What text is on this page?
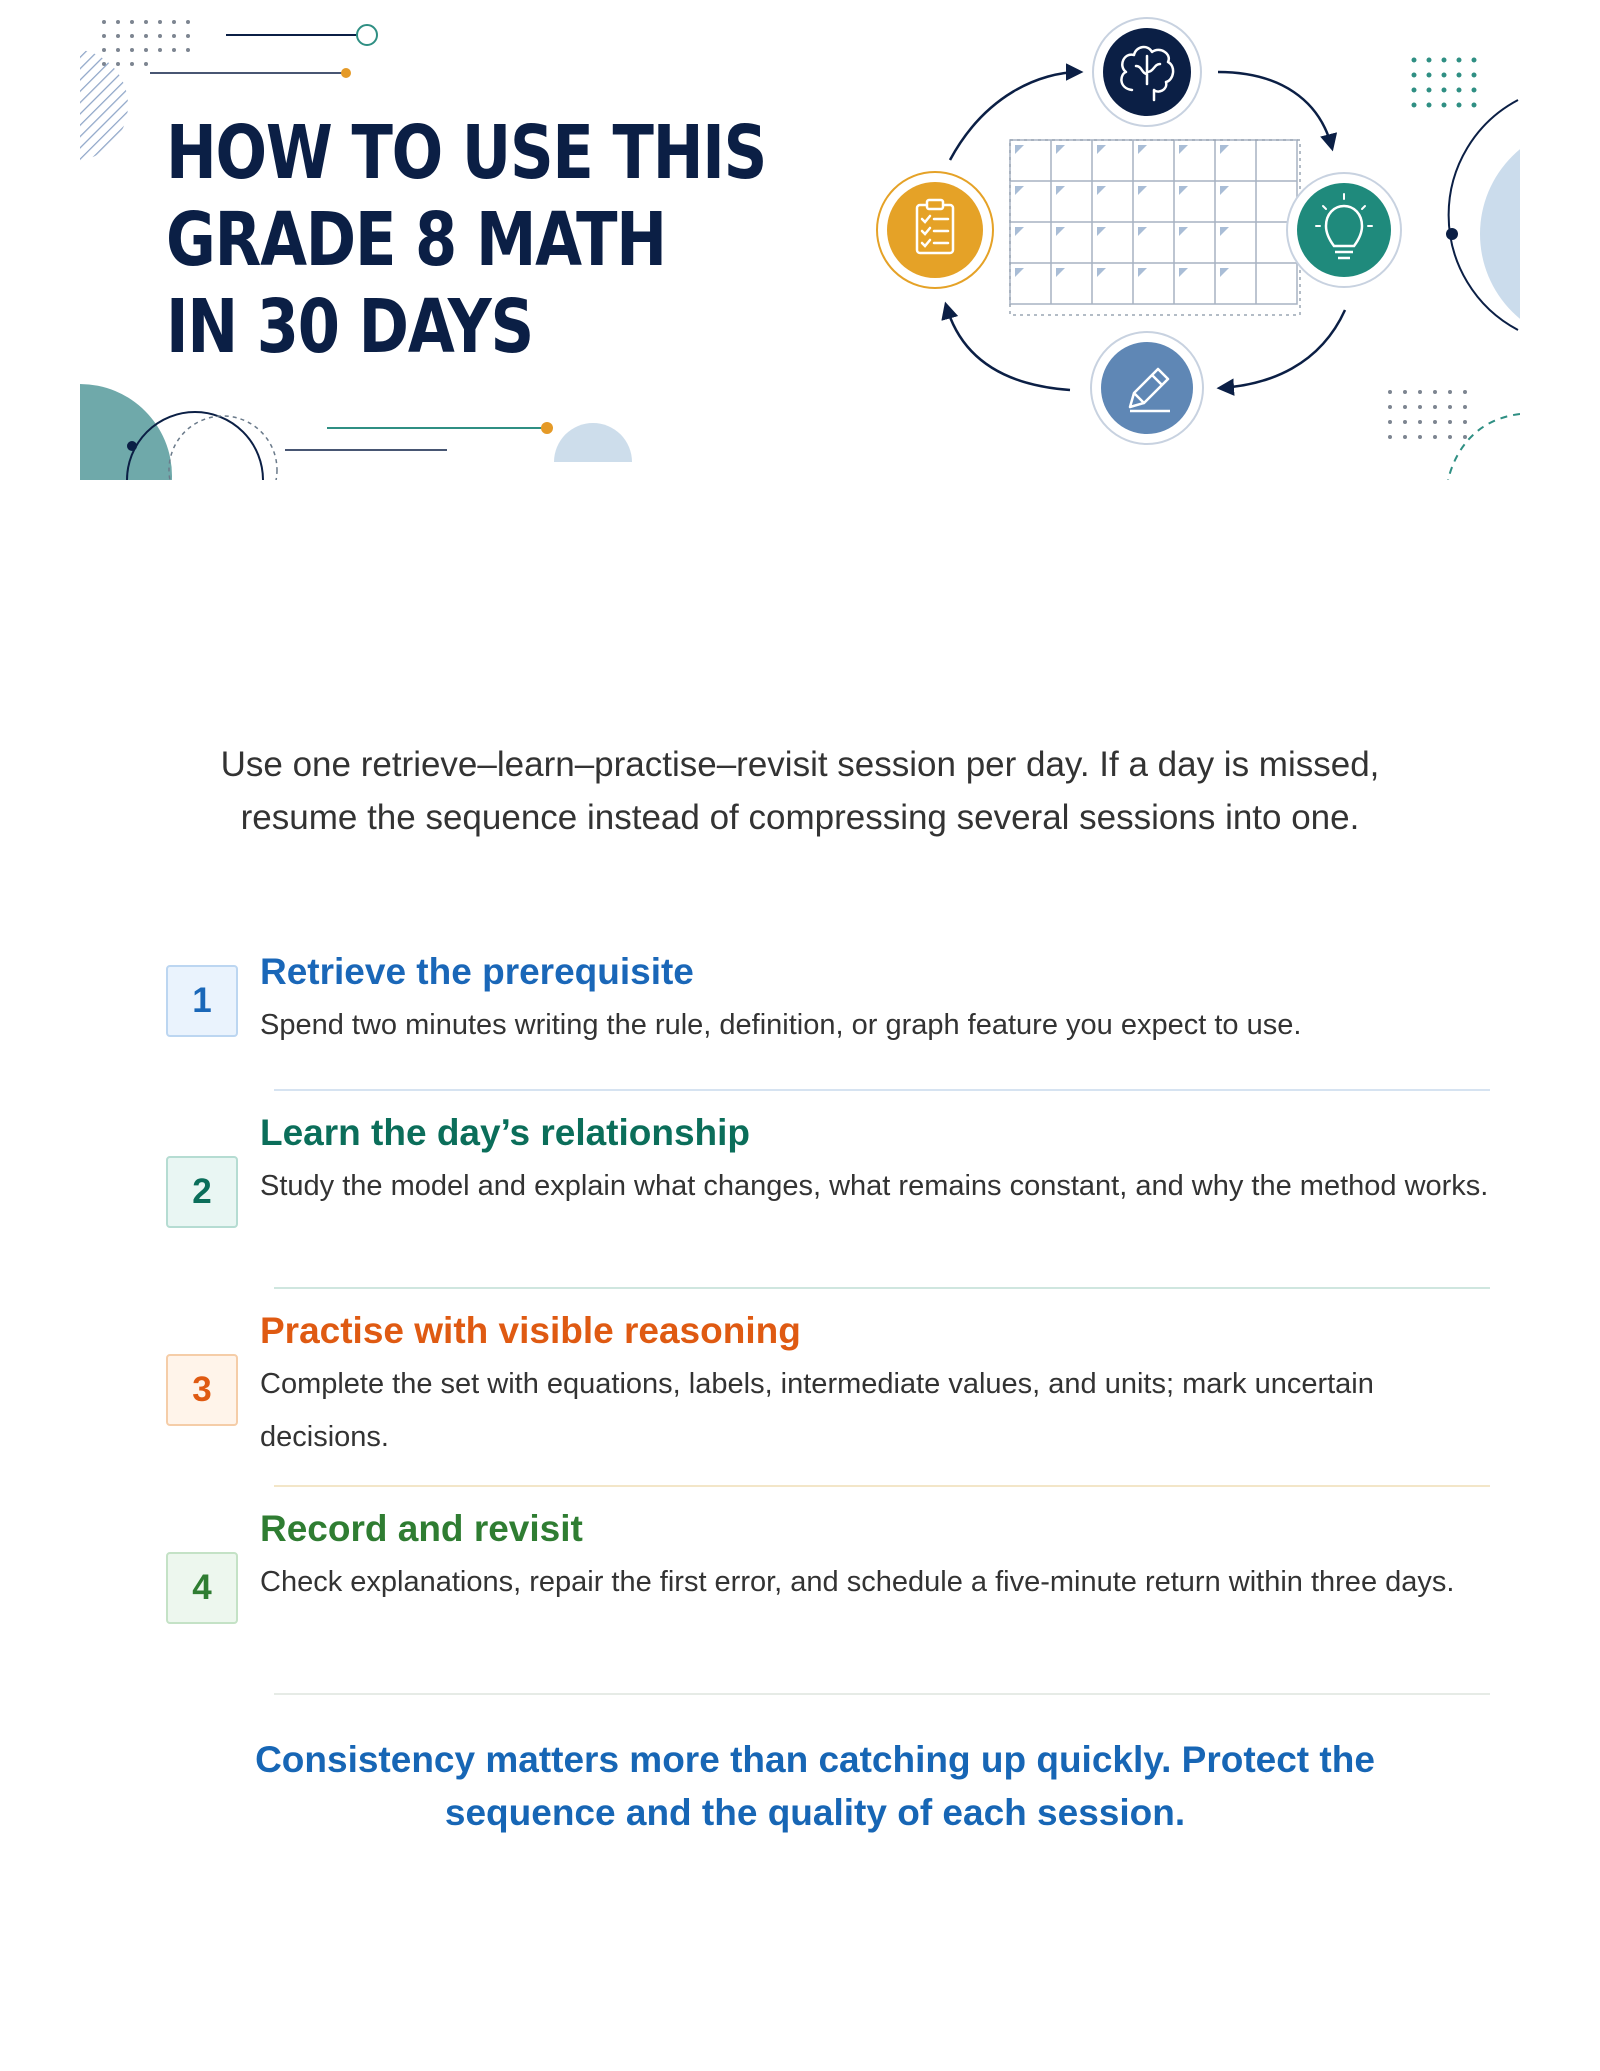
HOW TO USE THIS
GRADE 8 MATH
IN 30 DAYS

Use one retrieve–learn–practise–revisit session per day. If a day is missed, resume the sequence instead of compressing several sessions into one.

1
Retrieve the prerequisite

Spend two minutes writing the rule, definition, or graph feature you expect to use.

2
Learn the day’s relationship

Study the model and explain what changes, what remains constant, and why the method works.

3
Practise with visible reasoning

Complete the set with equations, labels, intermediate values, and units; mark uncertain decisions.

4
Record and revisit

Check explanations, repair the first error, and schedule a five-minute return within three days.

Consistency matters more than catching up quickly. Protect the sequence and the quality of each session.
